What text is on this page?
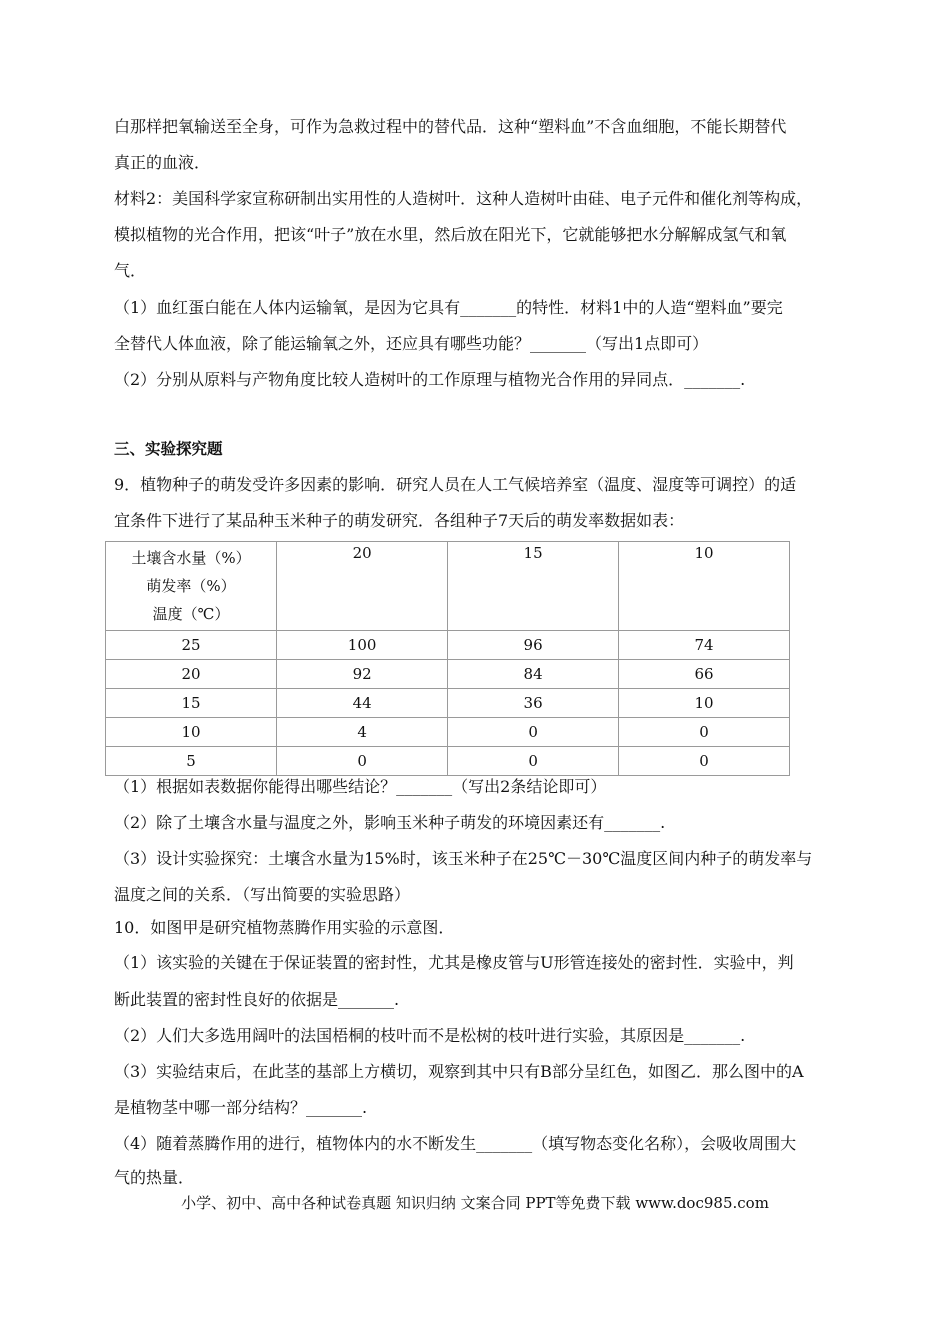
白那样把氧输送至全身，可作为急救过程中的替代品．这种“塑料血”不含血细胞，不能长期替代
真正的血液．
材料2：美国科学家宣称研制出实用性的人造树叶．这种人造树叶由硅、电子元件和催化剂等构成，
模拟植物的光合作用，把该“叶子”放在水里，然后放在阳光下，它就能够把水分解解成氢气和氧
气．
（1）血红蛋白能在人体内运输氧，是因为它具有_______的特性．材料1中的人造“塑料血”要完
全替代人体血液，除了能运输氧之外，还应具有哪些功能？_______（写出1点即可）
（2）分别从原料与产物角度比较人造树叶的工作原理与植物光合作用的异同点．_______.
三、实验探究题
9．植物种子的萌发受许多因素的影响．研究人员在人工气候培养室（温度、湿度等可调控）的适
宜条件下进行了某品种玉米种子的萌发研究．各组种子7天后的萌发率数据如表：
土壤含水量（%）
萌发率（%）
温度（℃）	20	15	10
25	100	96	74
20	92	84	66
15	44	36	10
10	4	0	0
5	0	0	0
（1）根据如表数据你能得出哪些结论？_______（写出2条结论即可）
（2）除了土壤含水量与温度之外，影响玉米种子萌发的环境因素还有_______.
（3）设计实验探究：土壤含水量为15%时，该玉米种子在25℃－30℃温度区间内种子的萌发率与
温度之间的关系．（写出简要的实验思路）
10．如图甲是研究植物蒸腾作用实验的示意图．
（1）该实验的关键在于保证装置的密封性，尤其是橡皮管与U形管连接处的密封性．实验中，判
断此装置的密封性良好的依据是_______.
（2）人们大多选用阔叶的法国梧桐的枝叶而不是松树的枝叶进行实验，其原因是_______.
（3）实验结束后，在此茎的基部上方横切，观察到其中只有B部分呈红色，如图乙．那么图中的A
是植物茎中哪一部分结构？_______.
（4）随着蒸腾作用的进行，植物体内的水不断发生_______（填写物态变化名称），会吸收周围大
气的热量．
小学、初中、高中各种试卷真题 知识归纳 文案合同 PPT等免费下载 www.doc985.com
